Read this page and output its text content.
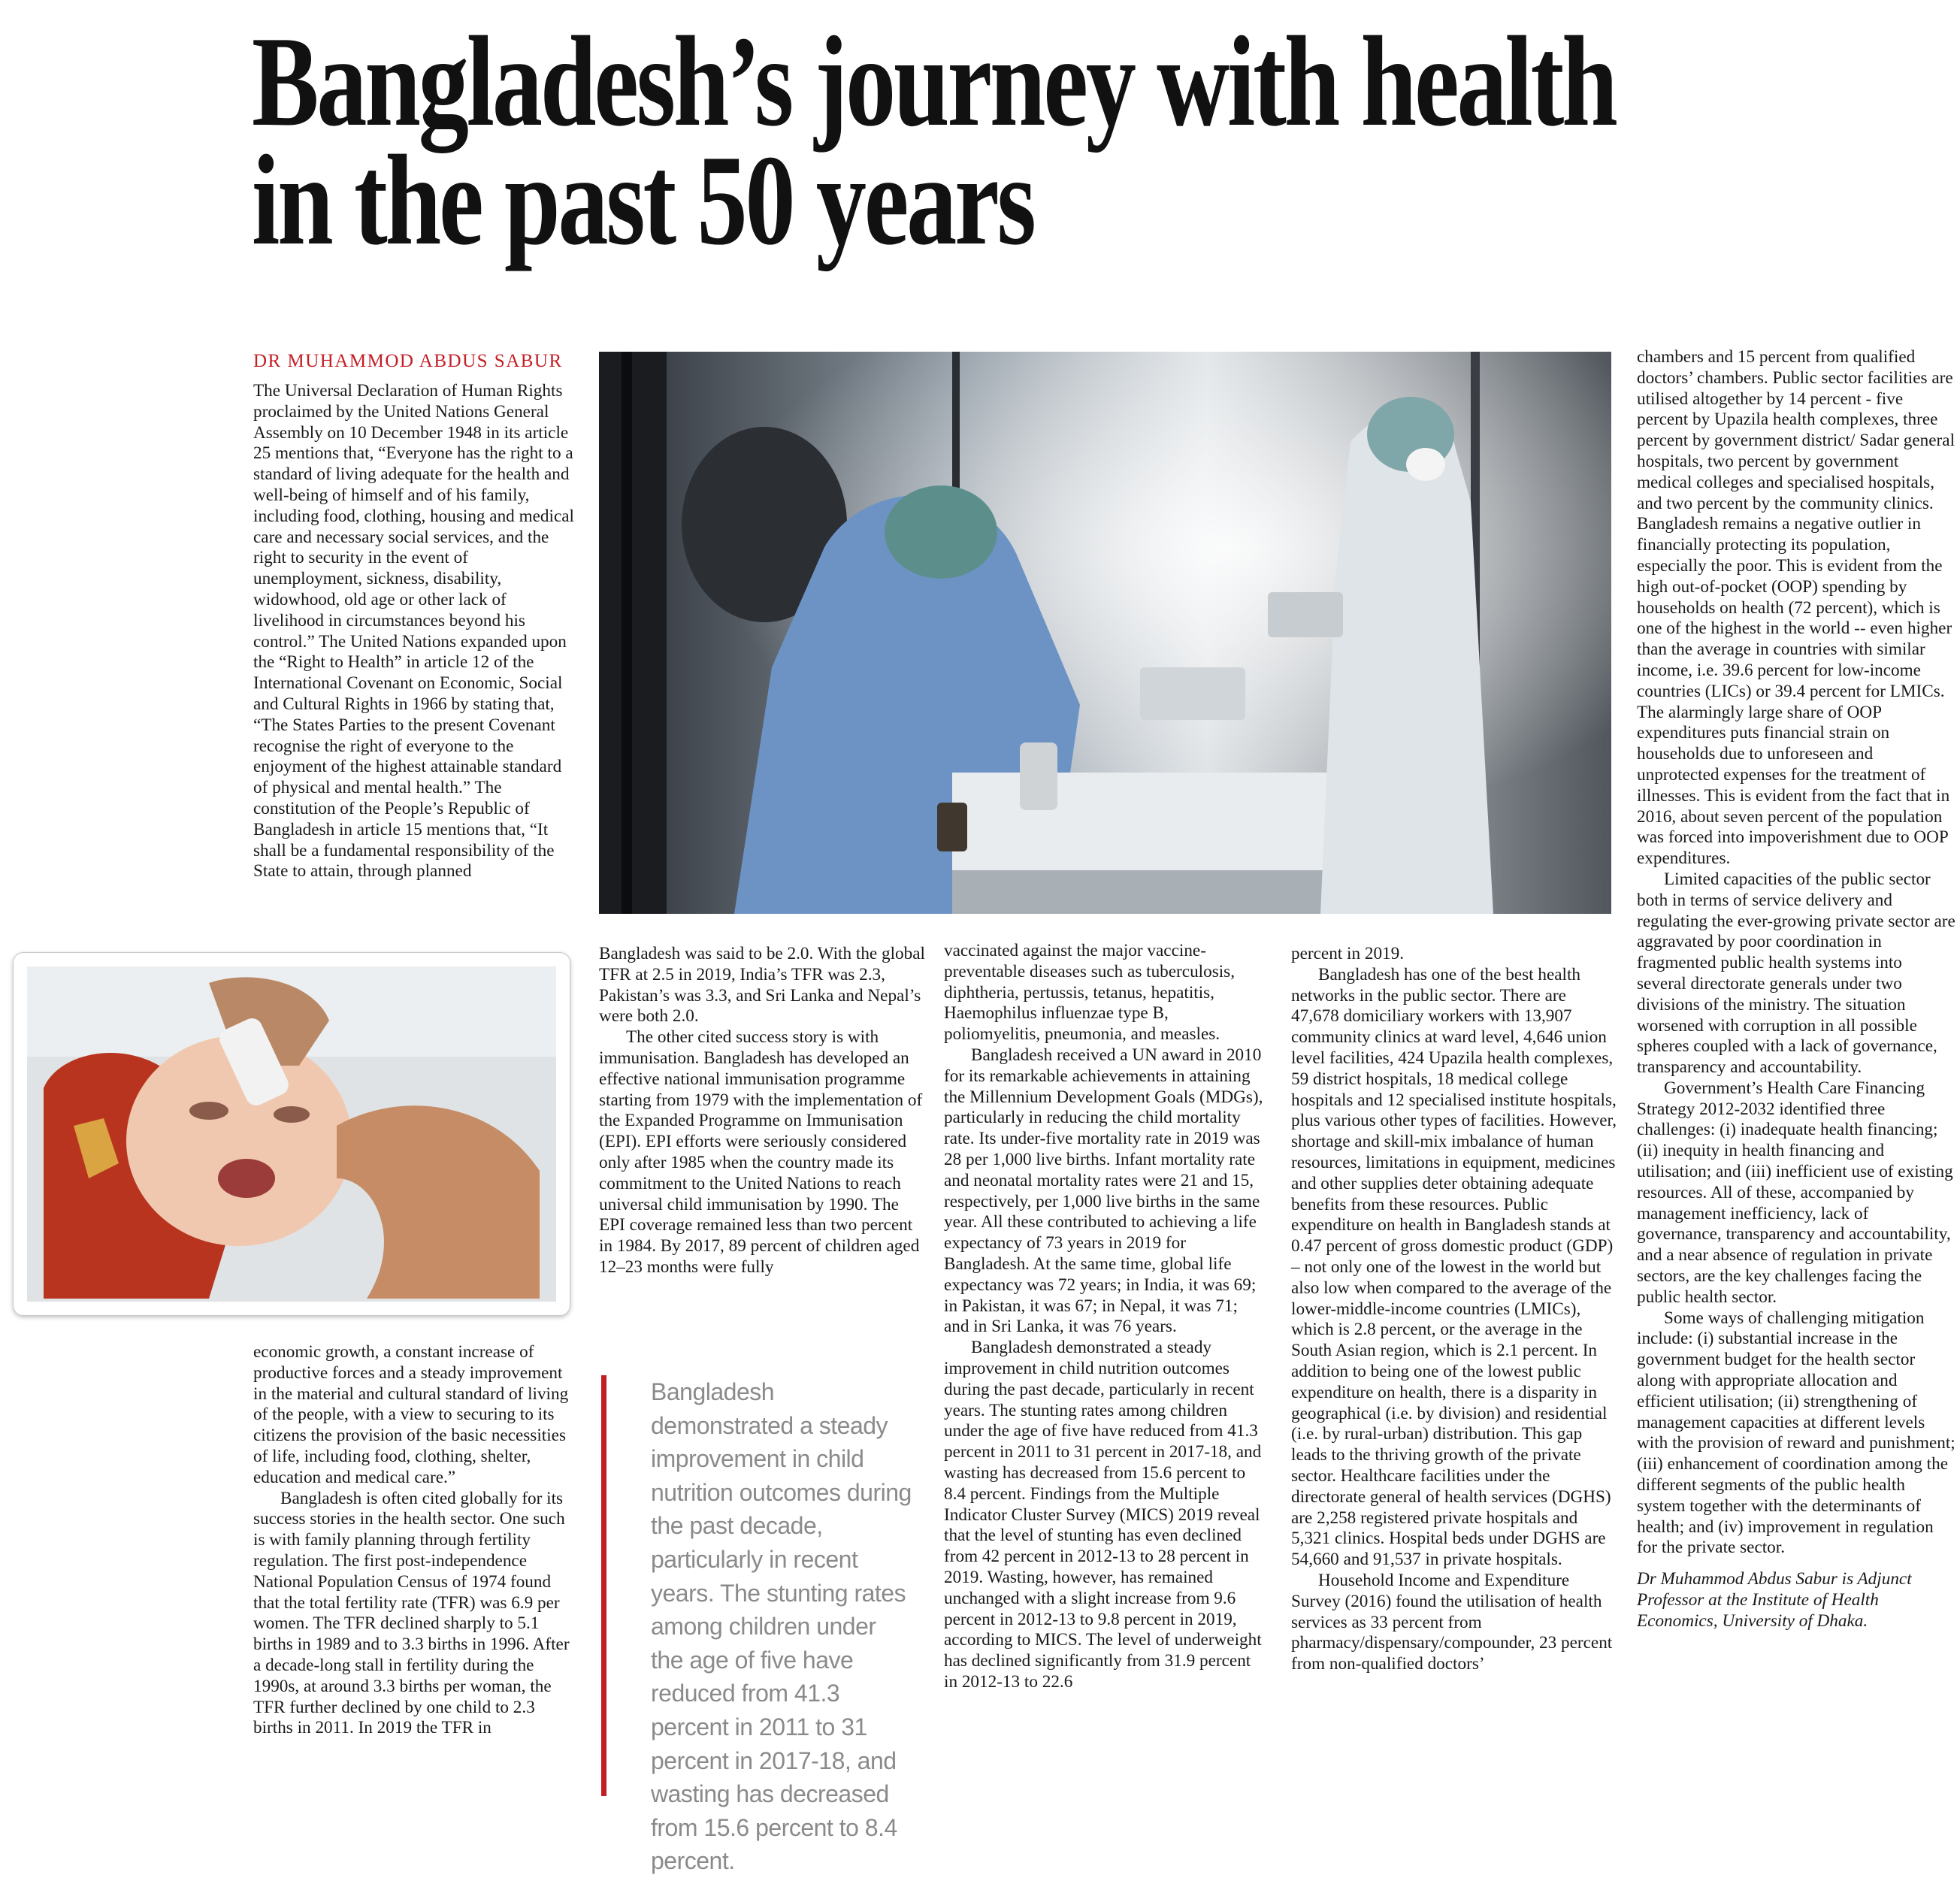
Bangladesh’s journey with health
in the past 50 years
DR MUHAMMOD ABDUS SABUR

The Universal Declaration of Human Rights proclaimed by the United Nations General Assembly on 10 December 1948 in its article 25 mentions that, “Everyone has the right to a standard of living adequate for the health and well-being of himself and of his family, including food, clothing, housing and medical care and necessary social services, and the right to security in the event of unemployment, sickness, disability, widowhood, old age or other lack of livelihood in circumstances beyond his control.” The United Nations expanded upon the “Right to Health” in article 12 of the International Covenant on Economic, Social and Cultural Rights in 1966 by stating that, “The States Parties to the present Covenant recognise the right of everyone to the enjoyment of the highest attainable standard of physical and mental health.” The constitution of the People’s Republic of Bangladesh in article 15 mentions that, “It shall be a fundamental responsibility of the State to attain, through planned

economic growth, a constant increase of productive forces and a steady improvement in the material and cultural standard of living of the people, with a view to securing to its citizens the provision of the basic necessities of life, including food, clothing, shelter, education and medical care.”

Bangladesh is often cited globally for its success stories in the health sector. One such is with family planning through fertility regulation. The first post-independence National Population Census of 1974 found that the total fertility rate (TFR) was 6.9 per women. The TFR declined sharply to 5.1 births in 1989 and to 3.3 births in 1996. After a decade-long stall in fertility during the 1990s, at around 3.3 births per woman, the TFR further declined by one child to 2.3 births in 2011. In 2019 the TFR in

Bangladesh was said to be 2.0. With the global TFR at 2.5 in 2019, India’s TFR was 2.3, Pakistan’s was 3.3, and Sri Lanka and Nepal’s were both 2.0.

The other cited success story is with immunisation. Bangladesh has developed an effective national immunisation programme starting from 1979 with the implementation of the Expanded Programme on Immunisation (EPI). EPI efforts were seriously considered only after 1985 when the country made its commitment to the United Nations to reach universal child immunisation by 1990. The EPI coverage remained less than two percent in 1984. By 2017, 89 percent of children aged 12–23 months were fully

Bangladesh demonstrated a steady improvement in child nutrition outcomes during the past decade, particularly in recent years. The stunting rates among children under the age of five have reduced from 41.3 percent in 2011 to 31 percent in 2017-18, and wasting has decreased from 15.6 percent to 8.4 percent.

vaccinated against the major vaccine-preventable diseases such as tuberculosis, diphtheria, pertussis, tetanus, hepatitis, Haemophilus influenzae type B, poliomyelitis, pneumonia, and measles.

Bangladesh received a UN award in 2010 for its remarkable achievements in attaining the Millennium Development Goals (MDGs), particularly in reducing the child mortality rate. Its under-five mortality rate in 2019 was 28 per 1,000 live births. Infant mortality rate and neonatal mortality rates were 21 and 15, respectively, per 1,000 live births in the same year. All these contributed to achieving a life expectancy of 73 years in 2019 for Bangladesh. At the same time, global life expectancy was 72 years; in India, it was 69; in Pakistan, it was 67; in Nepal, it was 71; and in Sri Lanka, it was 76 years.

Bangladesh demonstrated a steady improvement in child nutrition outcomes during the past decade, particularly in recent years. The stunting rates among children under the age of five have reduced from 41.3 percent in 2011 to 31 percent in 2017-18, and wasting has decreased from 15.6 percent to 8.4 percent. Findings from the Multiple Indicator Cluster Survey (MICS) 2019 reveal that the level of stunting has even declined from 42 percent in 2012-13 to 28 percent in 2019. Wasting, however, has remained unchanged with a slight increase from 9.6 percent in 2012-13 to 9.8 percent in 2019, according to MICS. The level of underweight has declined significantly from 31.9 percent in 2012-13 to 22.6

percent in 2019.

Bangladesh has one of the best health networks in the public sector. There are 47,678 domiciliary workers with 13,907 community clinics at ward level, 4,646 union level facilities, 424 Upazila health complexes, 59 district hospitals, 18 medical college hospitals and 12 specialised institute hospitals, plus various other types of facilities. However, shortage and skill-mix imbalance of human resources, limitations in equipment, medicines and other supplies deter obtaining adequate benefits from these resources. Public expenditure on health in Bangladesh stands at 0.47 percent of gross domestic product (GDP) – not only one of the lowest in the world but also low when compared to the average of the lower-middle-income countries (LMICs), which is 2.8 percent, or the average in the South Asian region, which is 2.1 percent. In addition to being one of the lowest public expenditure on health, there is a disparity in geographical (i.e. by division) and residential (i.e. by rural-urban) distribution. This gap leads to the thriving growth of the private sector. Healthcare facilities under the directorate general of health services (DGHS) are 2,258 registered private hospitals and 5,321 clinics. Hospital beds under DGHS are 54,660 and 91,537 in private hospitals.

Household Income and Expenditure Survey (2016) found the utilisation of health services as 33 percent from pharmacy/dispensary/compounder, 23 percent from non-qualified doctors’

chambers and 15 percent from qualified doctors’ chambers. Public sector facilities are utilised altogether by 14 percent - five percent by Upazila health complexes, three percent by government district/ Sadar general hospitals, two percent by government medical colleges and specialised hospitals, and two percent by the community clinics. Bangladesh remains a negative outlier in financially protecting its population, especially the poor. This is evident from the high out-of-pocket (OOP) spending by households on health (72 percent), which is one of the highest in the world -- even higher than the average in countries with similar income, i.e. 39.6 percent for low-income countries (LICs) or 39.4 percent for LMICs. The alarmingly large share of OOP expenditures puts financial strain on households due to unforeseen and unprotected expenses for the treatment of illnesses. This is evident from the fact that in 2016, about seven percent of the population was forced into impoverishment due to OOP expenditures.

Limited capacities of the public sector both in terms of service delivery and regulating the ever-growing private sector are aggravated by poor coordination in fragmented public health systems into several directorate generals under two divisions of the ministry. The situation worsened with corruption in all possible spheres coupled with a lack of governance, transparency and accountability.

Government’s Health Care Financing Strategy 2012-2032 identified three challenges: (i) inadequate health financing; (ii) inequity in health financing and utilisation; and (iii) inefficient use of existing resources. All of these, accompanied by management inefficiency, lack of governance, transparency and accountability, and a near absence of regulation in private sectors, are the key challenges facing the public health sector.

Some ways of challenging mitigation include: (i) substantial increase in the government budget for the health sector along with appropriate allocation and efficient utilisation; (ii) strengthening of management capacities at different levels with the provision of reward and punishment; (iii) enhancement of coordination among the different segments of the public health system together with the determinants of health; and (iv) improvement in regulation for the private sector.

Dr Muhammod Abdus Sabur is Adjunct Professor at the Institute of Health Economics, University of Dhaka.
